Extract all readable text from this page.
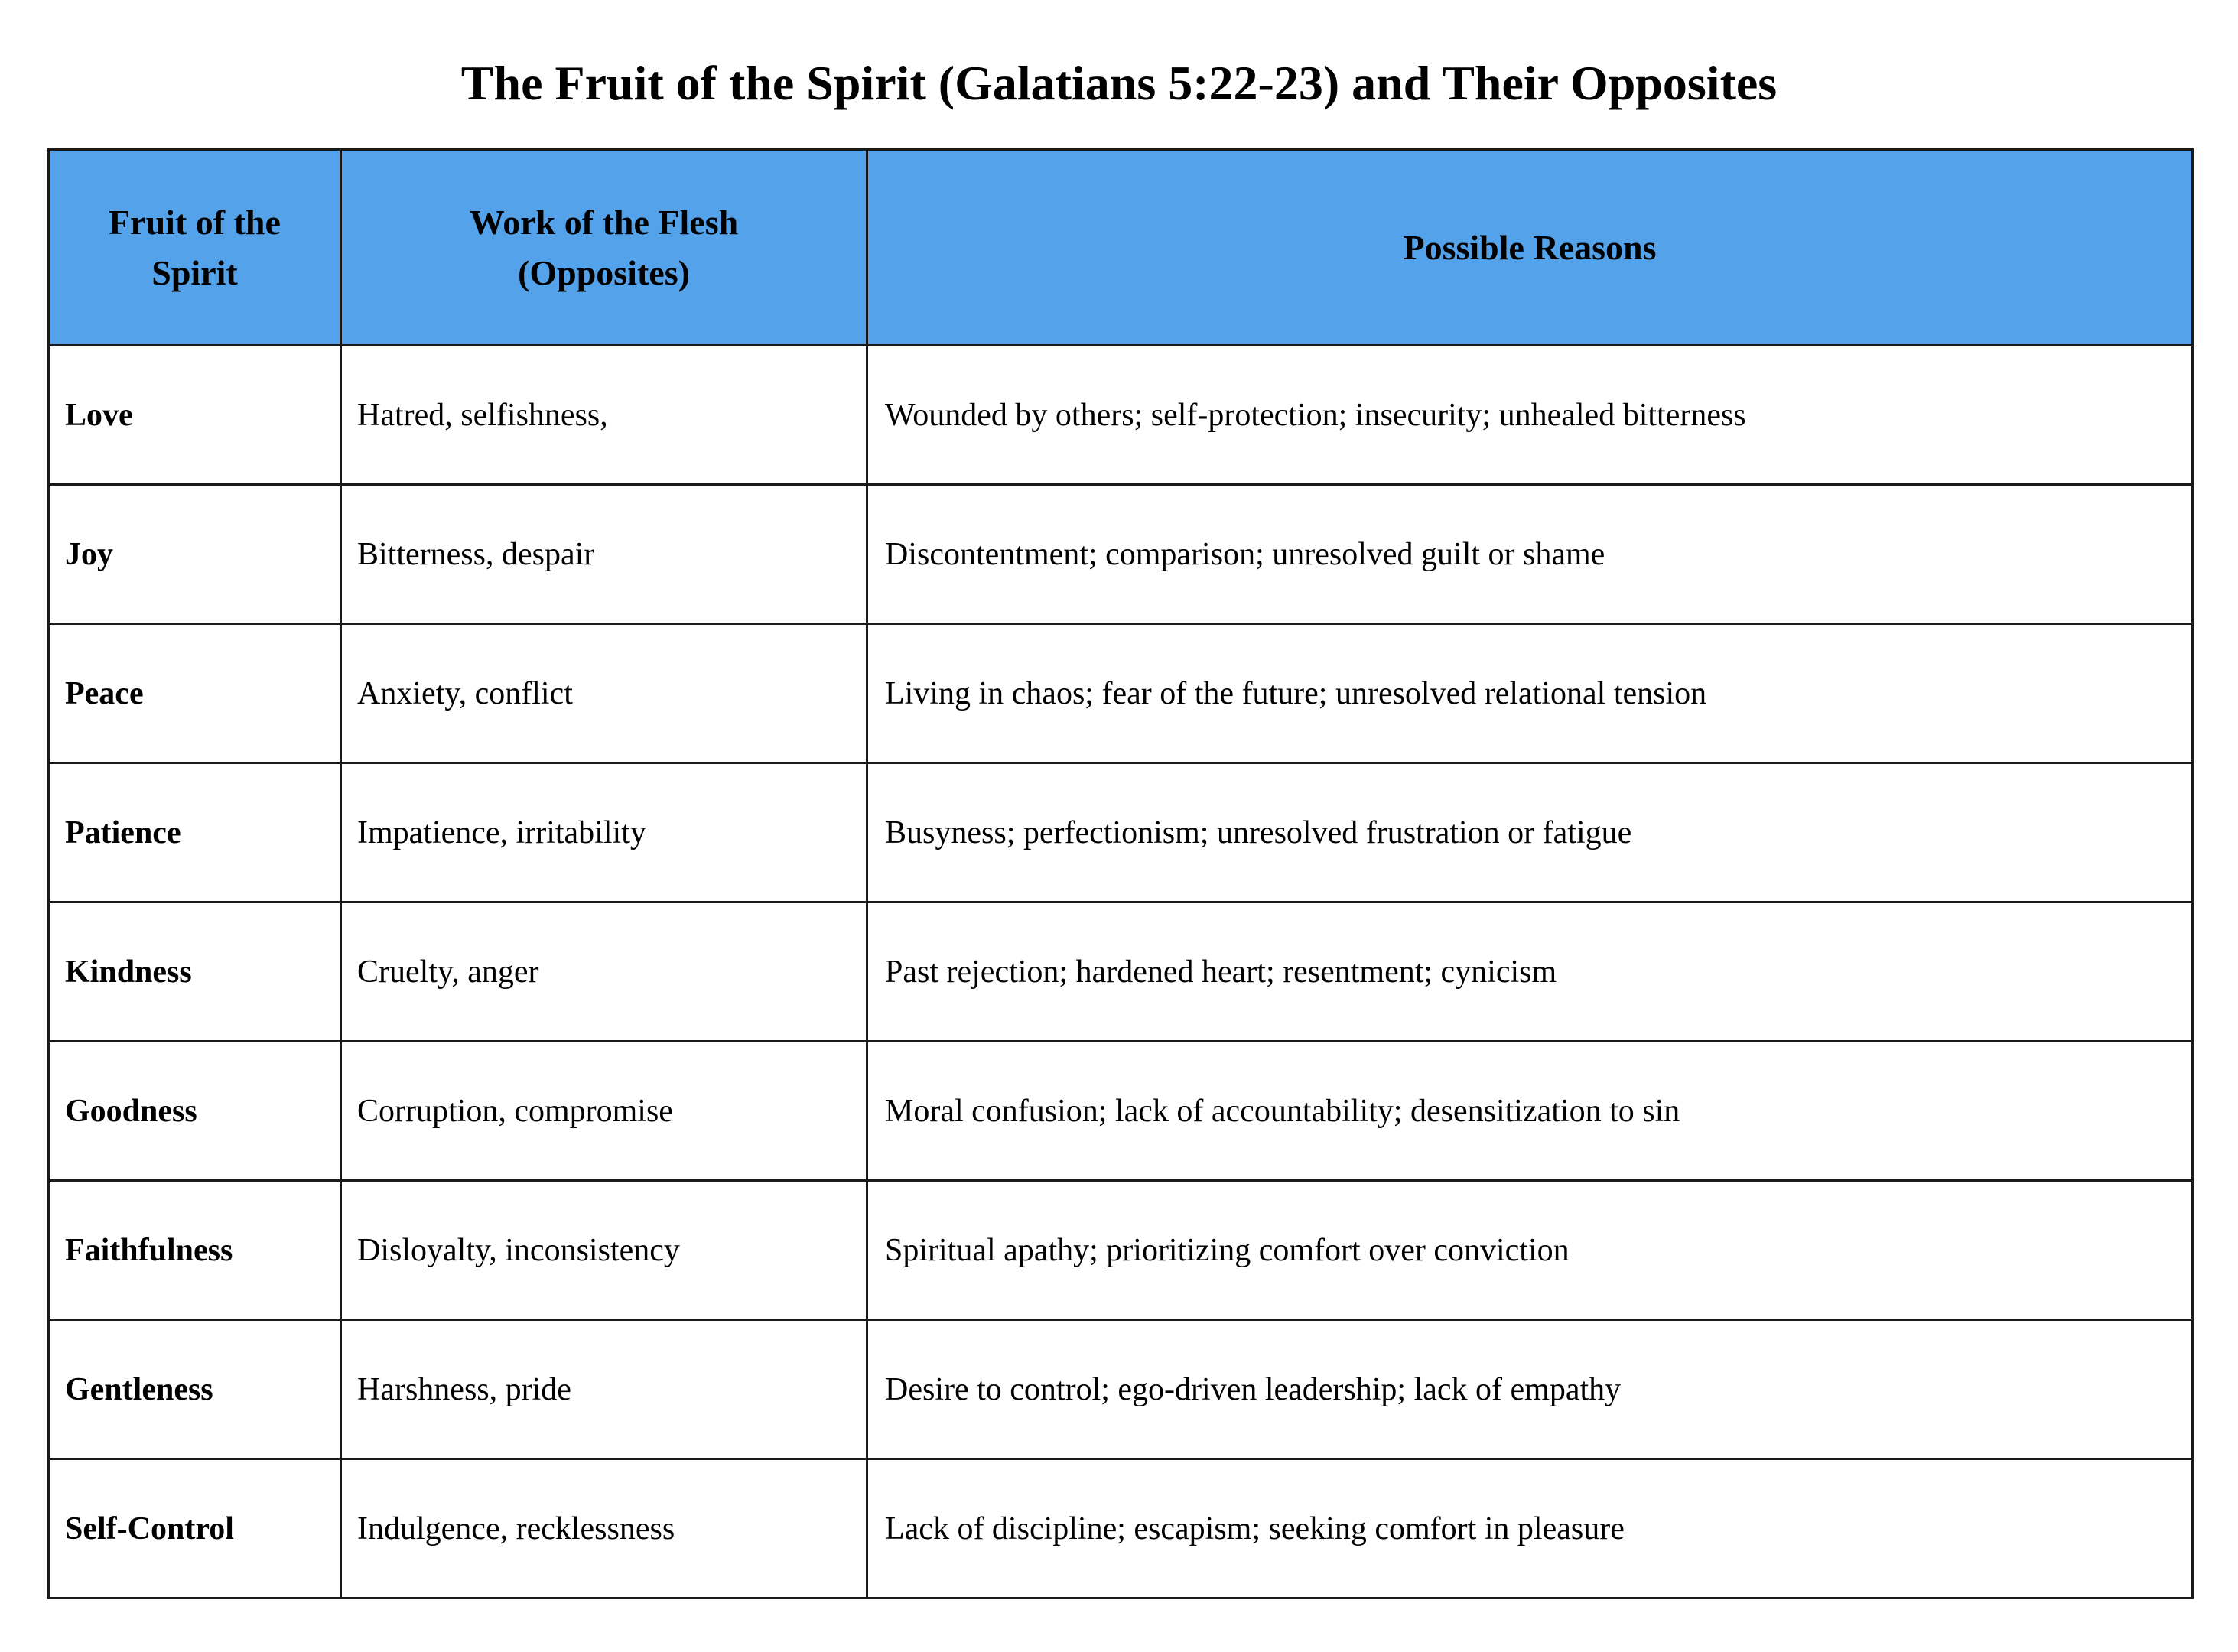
The Fruit of the Spirit (Galatians 5:22-23) and Their Opposites
Fruit of the Spirit	Work of the Flesh (Opposites)	Possible Reasons

Love	Hatred, selfishness,	Wounded by others; self-protection; insecurity; unhealed bitterness
Joy	Bitterness, despair	Discontentment; comparison; unresolved guilt or shame
Peace	Anxiety, conflict	Living in chaos; fear of the future; unresolved relational tension
Patience	Impatience, irritability	Busyness; perfectionism; unresolved frustration or fatigue
Kindness	Cruelty, anger	Past rejection; hardened heart; resentment; cynicism
Goodness	Corruption, compromise	Moral confusion; lack of accountability; desensitization to sin
Faithfulness	Disloyalty, inconsistency	Spiritual apathy; prioritizing comfort over conviction
Gentleness	Harshness, pride	Desire to control; ego-driven leadership; lack of empathy
Self-Control	Indulgence, recklessness	Lack of discipline; escapism; seeking comfort in pleasure
